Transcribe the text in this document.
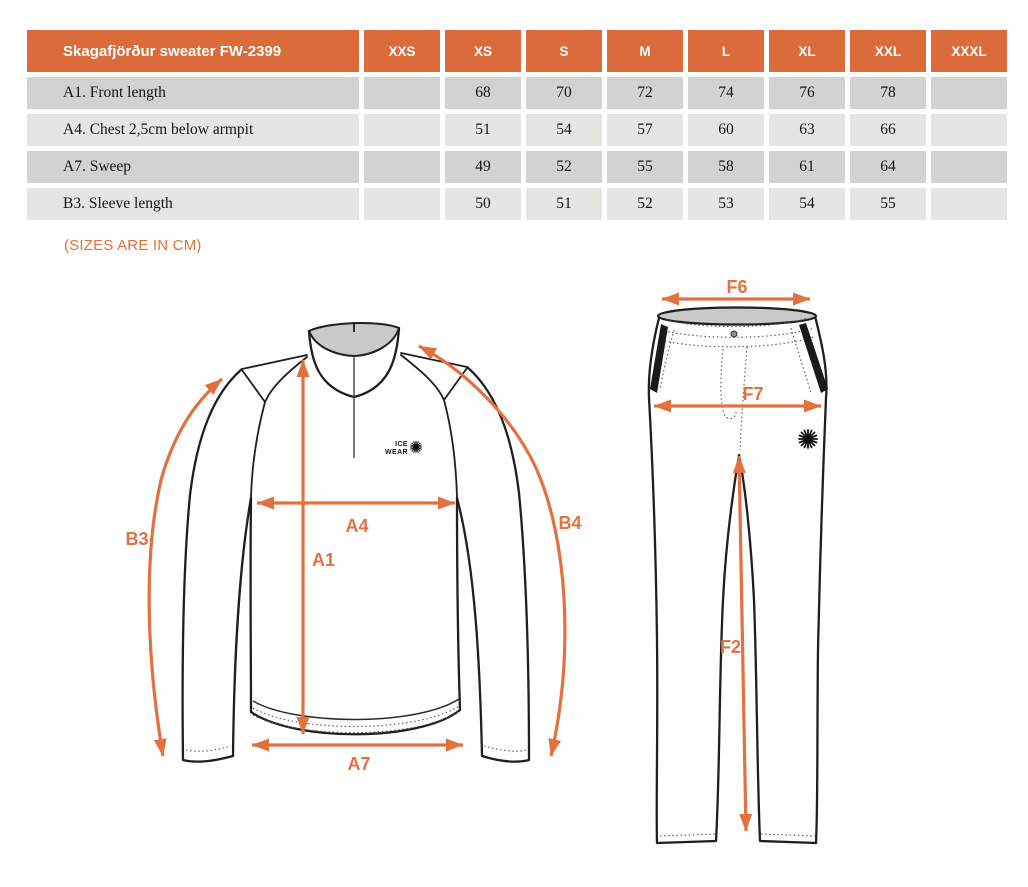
Skagafjörður sweater FW-2399	XXS	XS	S	M	L	XL	XXL	XXXL
A1. Front length		68	70	72	74	76	78	
A4. Chest 2,5cm below armpit		51	54	57	60	63	66	
A7. Sweep		49	52	55	58	61	64	
B3. Sleeve length		50	51	52	53	54	55	
(SIZES ARE IN CM)
ICE
WEAR
B3
A1
A4
A7
B4
F6
F7
F2
